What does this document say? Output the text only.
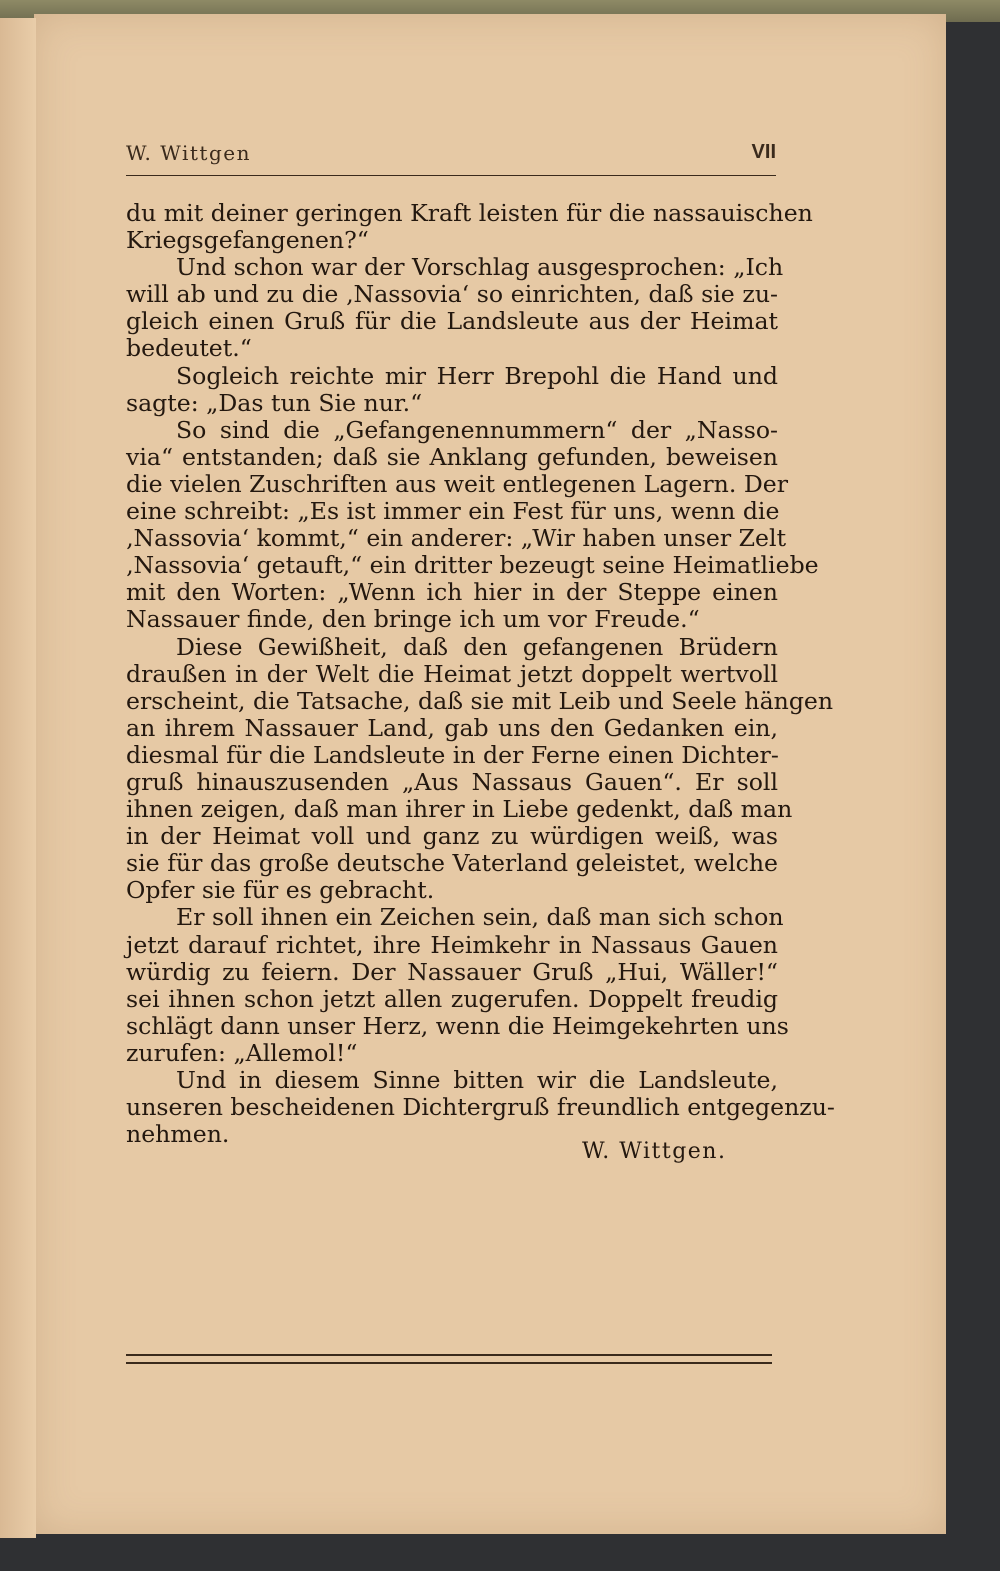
W. Wittgen	VII
du mit deiner geringen Kraft leisten für die nassauischen
Kriegsgefangenen?“
Und schon war der Vorschlag ausgesprochen: „Ich
will ab und zu die ‚Nassovia‘ so einrichten, daß sie zu-
gleich einen Gruß für die Landsleute aus der Heimat
bedeutet.“
Sogleich reichte mir Herr Brepohl die Hand und
sagte: „Das tun Sie nur.“
So sind die „Gefangenennummern“ der „Nasso-
via“ entstanden; daß sie Anklang gefunden, beweisen
die vielen Zuschriften aus weit entlegenen Lagern. Der
eine schreibt: „Es ist immer ein Fest für uns, wenn die
‚Nassovia‘ kommt,“ ein anderer: „Wir haben unser Zelt
‚Nassovia‘ getauft,“ ein dritter bezeugt seine Heimatliebe
mit den Worten: „Wenn ich hier in der Steppe einen
Nassauer finde, den bringe ich um vor Freude.“
Diese Gewißheit, daß den gefangenen Brüdern
draußen in der Welt die Heimat jetzt doppelt wertvoll
erscheint, die Tatsache, daß sie mit Leib und Seele hängen
an ihrem Nassauer Land, gab uns den Gedanken ein,
diesmal für die Landsleute in der Ferne einen Dichter-
gruß hinauszusenden „Aus Nassaus Gauen“. Er soll
ihnen zeigen, daß man ihrer in Liebe gedenkt, daß man
in der Heimat voll und ganz zu würdigen weiß, was
sie für das große deutsche Vaterland geleistet, welche
Opfer sie für es gebracht.
Er soll ihnen ein Zeichen sein, daß man sich schon
jetzt darauf richtet, ihre Heimkehr in Nassaus Gauen
würdig zu feiern. Der Nassauer Gruß „Hui, Wäller!“
sei ihnen schon jetzt allen zugerufen. Doppelt freudig
schlägt dann unser Herz, wenn die Heimgekehrten uns
zurufen: „Allemol!“
Und in diesem Sinne bitten wir die Landsleute,
unseren bescheidenen Dichtergruß freundlich entgegenzu-
nehmen.
W. Wittgen.
